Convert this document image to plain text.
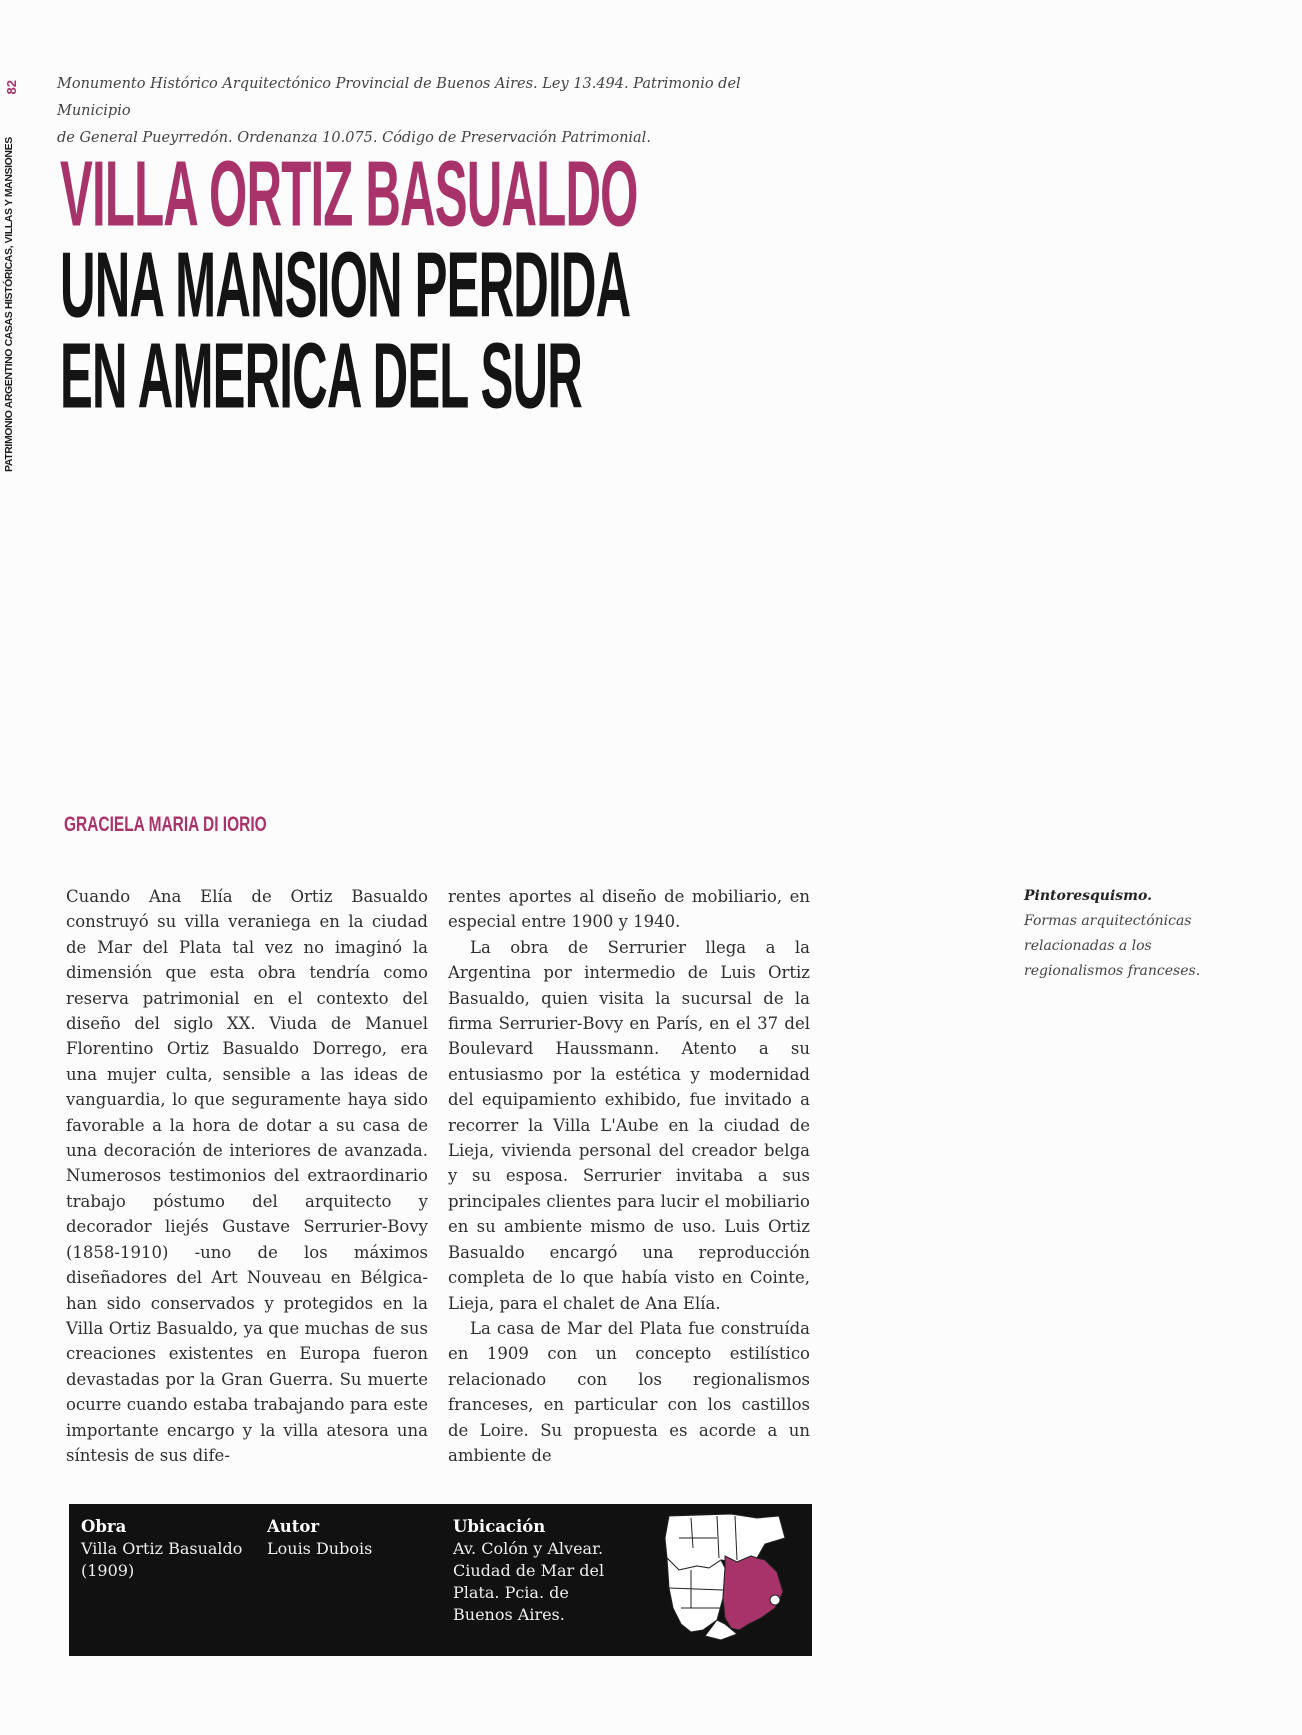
82
PATRIMONIO ARGENTINO CASAS HISTÓRICAS, VILLAS Y MANSIONES
Monumento Histórico Arquitectónico Provincial de Buenos Aires. Ley 13.494. Patrimonio del Municipio
de General Pueyrredón. Ordenanza 10.075. Código de Preservación Patrimonial.
VILLA ORTIZ BASUALDO
UNA MANSION PERDIDA
EN AMERICA DEL SUR
GRACIELA MARIA DI IORIO

Cuando Ana Elía de Ortiz Basualdo construyó su villa veraniega en la ciudad de Mar del Plata tal vez no imaginó la dimensión que esta obra tendría como reserva patrimonial en el contexto del diseño del siglo XX. Viuda de Manuel Florentino Ortiz Basualdo Dorrego, era una mujer culta, sensible a las ideas de vanguardia, lo que seguramente haya sido favorable a la hora de dotar a su casa de una decoración de interiores de avanzada. Numerosos testimonios del extraordinario trabajo póstumo del arquitecto y decorador liejés Gustave Serrurier-Bovy (1858-1910) -uno de los máximos diseñadores del Art Nouveau en Bélgica- han sido conservados y protegidos en la Villa Ortiz Basualdo, ya que muchas de sus creaciones existentes en Europa fueron devastadas por la Gran Guerra. Su muerte ocurre cuando estaba trabajando para este importante encargo y la villa atesora una síntesis de sus dife-

rentes aportes al diseño de mobiliario, en especial entre 1900 y 1940.

La obra de Serrurier llega a la Argentina por intermedio de Luis Ortiz Basualdo, quien visita la sucursal de la firma Serrurier-Bovy en París, en el 37 del Boulevard Haussmann. Atento a su entusiasmo por la estética y modernidad del equipamiento exhibido, fue invitado a recorrer la Villa L'Aube en la ciudad de Lieja, vivienda personal del creador belga y su esposa. Serrurier invitaba a sus principales clientes para lucir el mobiliario en su ambiente mismo de uso. Luis Ortiz Basualdo encargó una reproducción completa de lo que había visto en Cointe, Lieja, para el chalet de Ana Elía.

La casa de Mar del Plata fue construída en 1909 con un concepto estilístico relacionado con los regionalismos franceses, en particular con los castillos de Loire. Su propuesta es acorde a un ambiente de

Pintoresquismo.
Formas arquitectónicas relacionadas a los regionalismos franceses.
Obra
Villa Ortiz Basualdo (1909)
Autor
Louis Dubois
Ubicación
Av. Colón y Alvear. Ciudad de Mar del Plata. Pcia. de Buenos Aires.
